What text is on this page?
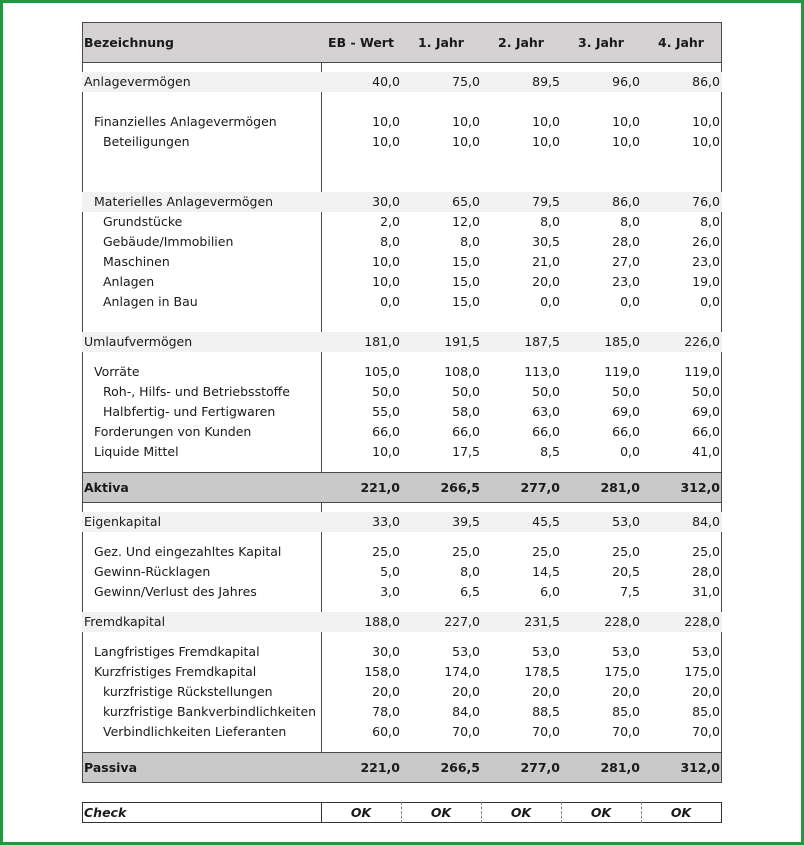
Bezeichnung	EB - Wert	1. Jahr	2. Jahr	3. Jahr	4. Jahr
Anlagevermögen	40,0	75,0	89,5	96,0	86,0
Finanzielles Anlagevermögen	10,0	10,0	10,0	10,0	10,0
Beteiligungen	10,0	10,0	10,0	10,0	10,0
Materielles Anlagevermögen	30,0	65,0	79,5	86,0	76,0
Grundstücke	2,0	12,0	8,0	8,0	8,0
Gebäude/Immobilien	8,0	8,0	30,5	28,0	26,0
Maschinen	10,0	15,0	21,0	27,0	23,0
Anlagen	10,0	15,0	20,0	23,0	19,0
Anlagen in Bau	0,0	15,0	0,0	0,0	0,0
Umlaufvermögen	181,0	191,5	187,5	185,0	226,0
Vorräte	105,0	108,0	113,0	119,0	119,0
Roh-, Hilfs- und Betriebsstoffe	50,0	50,0	50,0	50,0	50,0
Halbfertig- und Fertigwaren	55,0	58,0	63,0	69,0	69,0
Forderungen von Kunden	66,0	66,0	66,0	66,0	66,0
Liquide Mittel	10,0	17,5	8,5	0,0	41,0
Aktiva	221,0	266,5	277,0	281,0	312,0
Eigenkapital	33,0	39,5	45,5	53,0	84,0
Gez. Und eingezahltes Kapital	25,0	25,0	25,0	25,0	25,0
Gewinn-Rücklagen	5,0	8,0	14,5	20,5	28,0
Gewinn/Verlust des Jahres	3,0	6,5	6,0	7,5	31,0
Fremdkapital	188,0	227,0	231,5	228,0	228,0
Langfristiges Fremdkapital	30,0	53,0	53,0	53,0	53,0
Kurzfristiges Fremdkapital	158,0	174,0	178,5	175,0	175,0
kurzfristige Rückstellungen	20,0	20,0	20,0	20,0	20,0
kurzfristige Bankverbindlichkeiten	78,0	84,0	88,5	85,0	85,0
Verbindlichkeiten Lieferanten	60,0	70,0	70,0	70,0	70,0
Passiva	221,0	266,5	277,0	281,0	312,0
Check	OK	OK	OK	OK	OK
